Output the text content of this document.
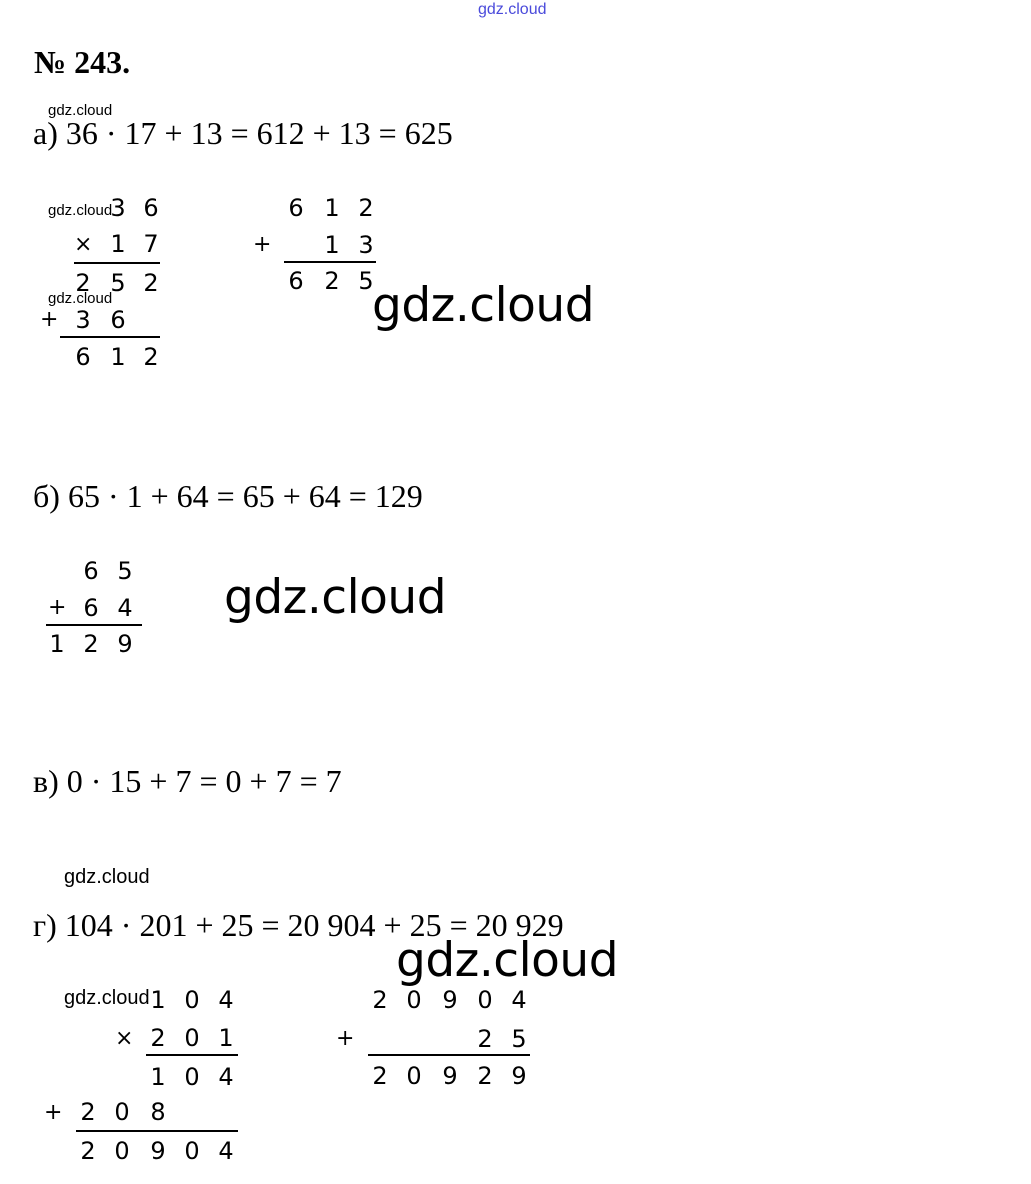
gdz.cloud
№ 243.
gdz.cloud
а) 36 · 17 + 13 = 612 + 13 = 625
gdz.cloud
gdz.cloud
3 6
× 1 7
2 5 2
+ 3 6
6 1 2
6 1 2
+ 1 3
6 2 5
gdz.cloud
б) 65 · 1 + 64 = 65 + 64 = 129
6 5
+ 6 4
1 2 9
gdz.cloud
в) 0 · 15 + 7 = 0 + 7 = 7
gdz.cloud
г) 104 · 201 + 25 = 20 904 + 25 = 20 929
gdz.cloud
gdz.cloud 1 0 4
× 2 0 1
1 0 4
+ 2 0 8
2 0 9 0 4
2 0 9 0 4
+	2 5
2 0 9 2 9
